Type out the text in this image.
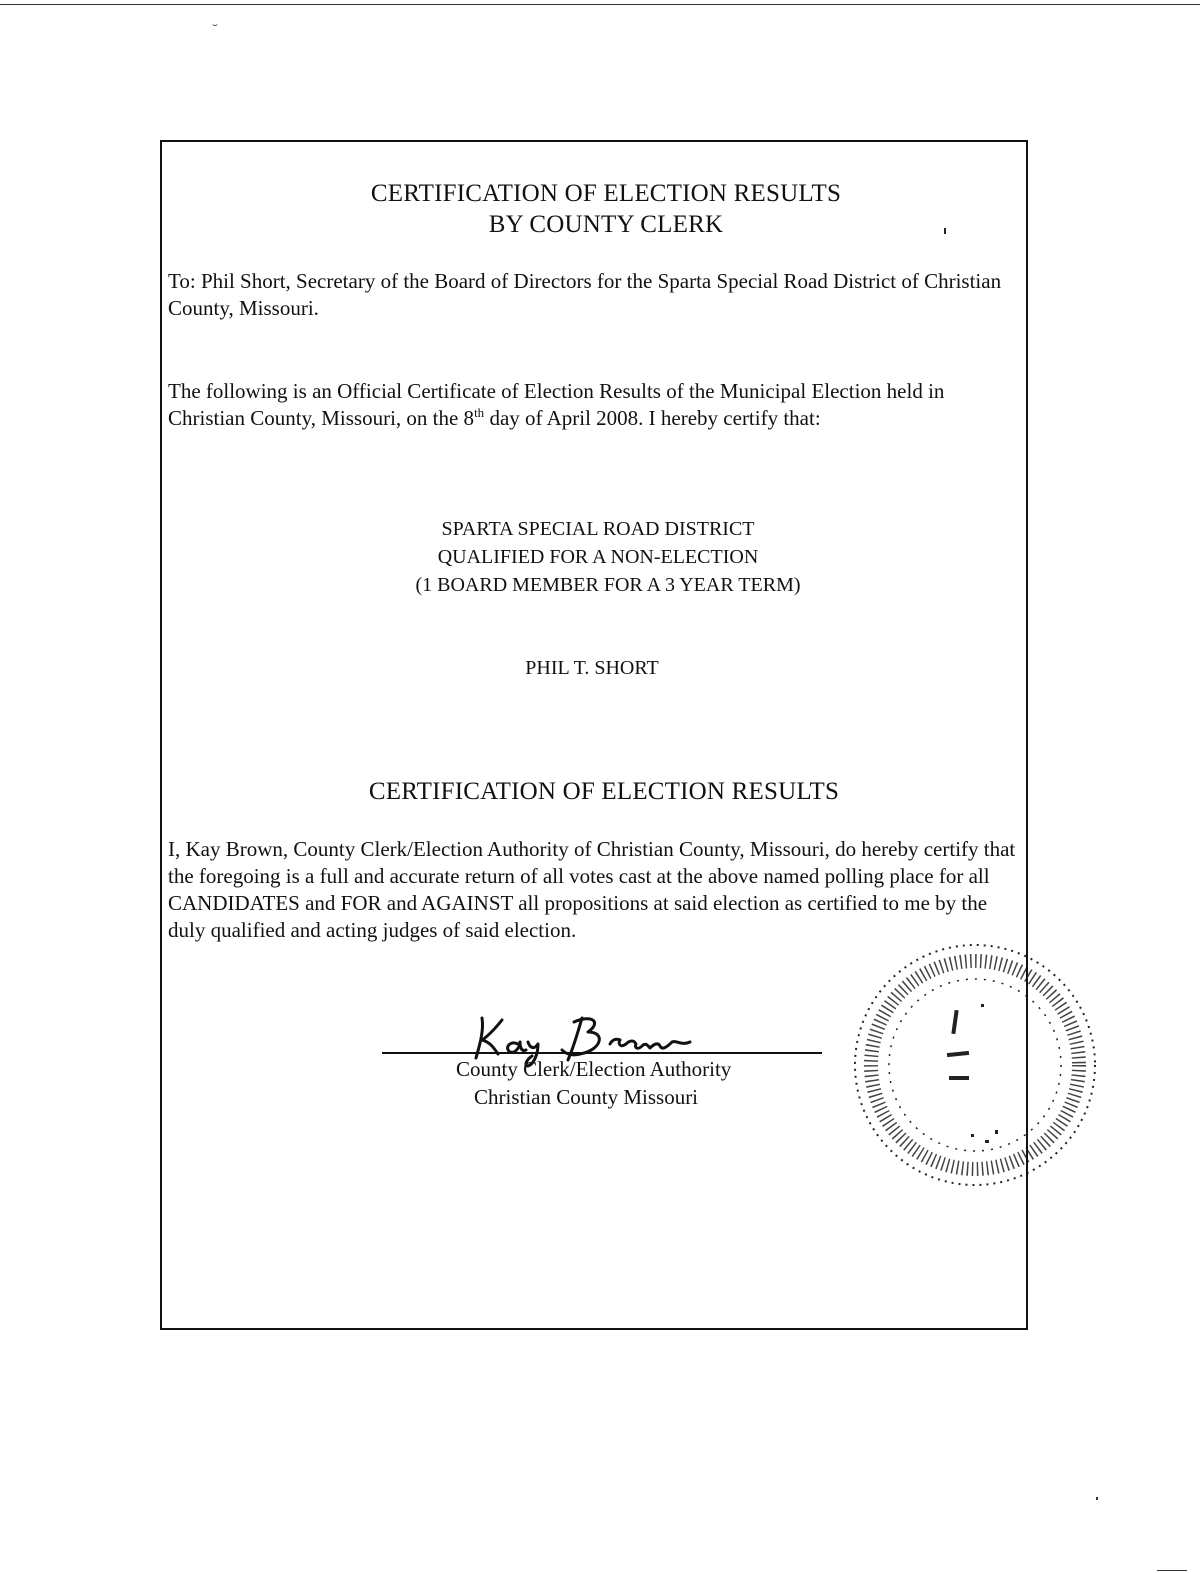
CERTIFICATION OF ELECTION RESULTS
BY COUNTY CLERK
To: Phil Short, Secretary of the Board of Directors for the Sparta Special Road District of Christian County, Missouri.
The following is an Official Certificate of Election Results of the Municipal Election held in Christian County, Missouri, on the 8th day of April 2008. I hereby certify that:
SPARTA SPECIAL ROAD DISTRICT
QUALIFIED FOR A NON-ELECTION
(1 BOARD MEMBER FOR A 3 YEAR TERM)
PHIL T. SHORT
CERTIFICATION OF ELECTION RESULTS
I, Kay Brown, County Clerk/Election Authority of Christian County, Missouri, do hereby certify that the foregoing is a full and accurate return of all votes cast at the above named polling place for all CANDIDATES and FOR and AGAINST all propositions at said election as certified to me by the duly qualified and acting judges of said election.
County Clerk/Election Authority
Christian County Missouri
